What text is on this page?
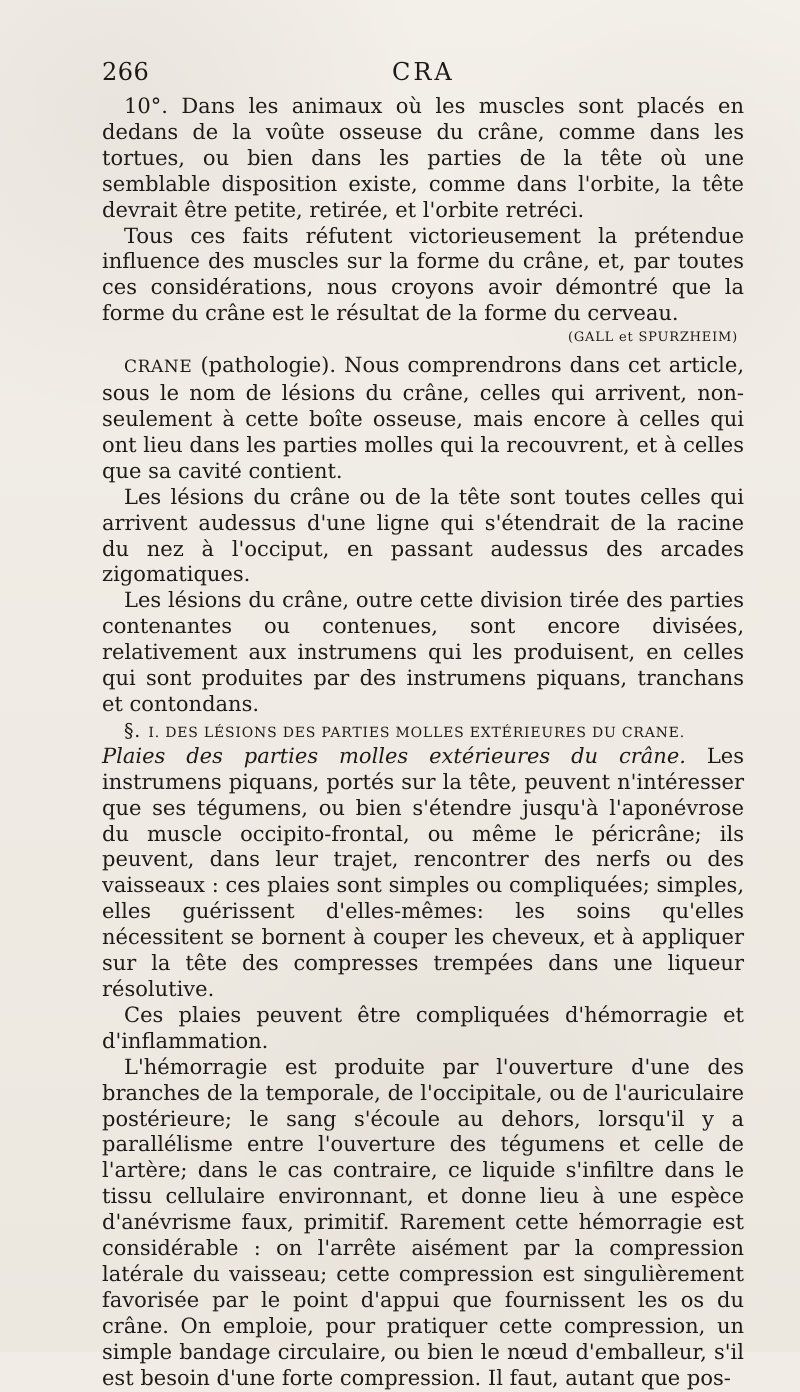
266	CRA

10°. Dans les animaux où les muscles sont placés en dedans de la voûte osseuse du crâne, comme dans les tortues, ou bien dans les parties de la tête où une semblable disposition existe, comme dans l'orbite, la tête devrait être petite, retirée, et l'orbite retréci.

Tous ces faits réfutent victorieusement la prétendue influence des muscles sur la forme du crâne, et, par toutes ces considérations, nous croyons avoir démontré que la forme du crâne est le résultat de la forme du cerveau.

(GALL et SPURZHEIM)

CRANE (pathologie). Nous comprendrons dans cet article, sous le nom de lésions du crâne, celles qui arrivent, non-seulement à cette boîte osseuse, mais encore à celles qui ont lieu dans les parties molles qui la recouvrent, et à celles que sa cavité contient.

Les lésions du crâne ou de la tête sont toutes celles qui arrivent audessus d'une ligne qui s'étendrait de la racine du nez à l'occiput, en passant audessus des arcades zigomatiques.

Les lésions du crâne, outre cette division tirée des parties contenantes ou contenues, sont encore divisées, relativement aux instrumens qui les produisent, en celles qui sont produites par des instrumens piquans, tranchans et contondans.

§. I. DES LÉSIONS DES PARTIES MOLLES EXTÉRIEURES DU CRANE.

Plaies des parties molles extérieures du crâne. Les instrumens piquans, portés sur la tête, peuvent n'intéresser que ses tégumens, ou bien s'étendre jusqu'à l'aponévrose du muscle occipito-frontal, ou même le péricrâne; ils peuvent, dans leur trajet, rencontrer des nerfs ou des vaisseaux : ces plaies sont simples ou compliquées; simples, elles guérissent d'elles-mêmes: les soins qu'elles nécessitent se bornent à couper les cheveux, et à appliquer sur la tête des compresses trempées dans une liqueur résolutive.

Ces plaies peuvent être compliquées d'hémorragie et d'inflammation.

L'hémorragie est produite par l'ouverture d'une des branches de la temporale, de l'occipitale, ou de l'auriculaire postérieure; le sang s'écoule au dehors, lorsqu'il y a parallélisme entre l'ouverture des tégumens et celle de l'artère; dans le cas contraire, ce liquide s'infiltre dans le tissu cellulaire environnant, et donne lieu à une espèce d'anévrisme faux, primitif. Rarement cette hémorragie est considérable : on l'arrête aisément par la compression latérale du vaisseau; cette compression est singulièrement favorisée par le point d'appui que fournissent les os du crâne. On emploie, pour pratiquer cette compression, un simple bandage circulaire, ou bien le nœud d'emballeur, s'il est besoin d'une forte compression. Il faut, autant que pos-
